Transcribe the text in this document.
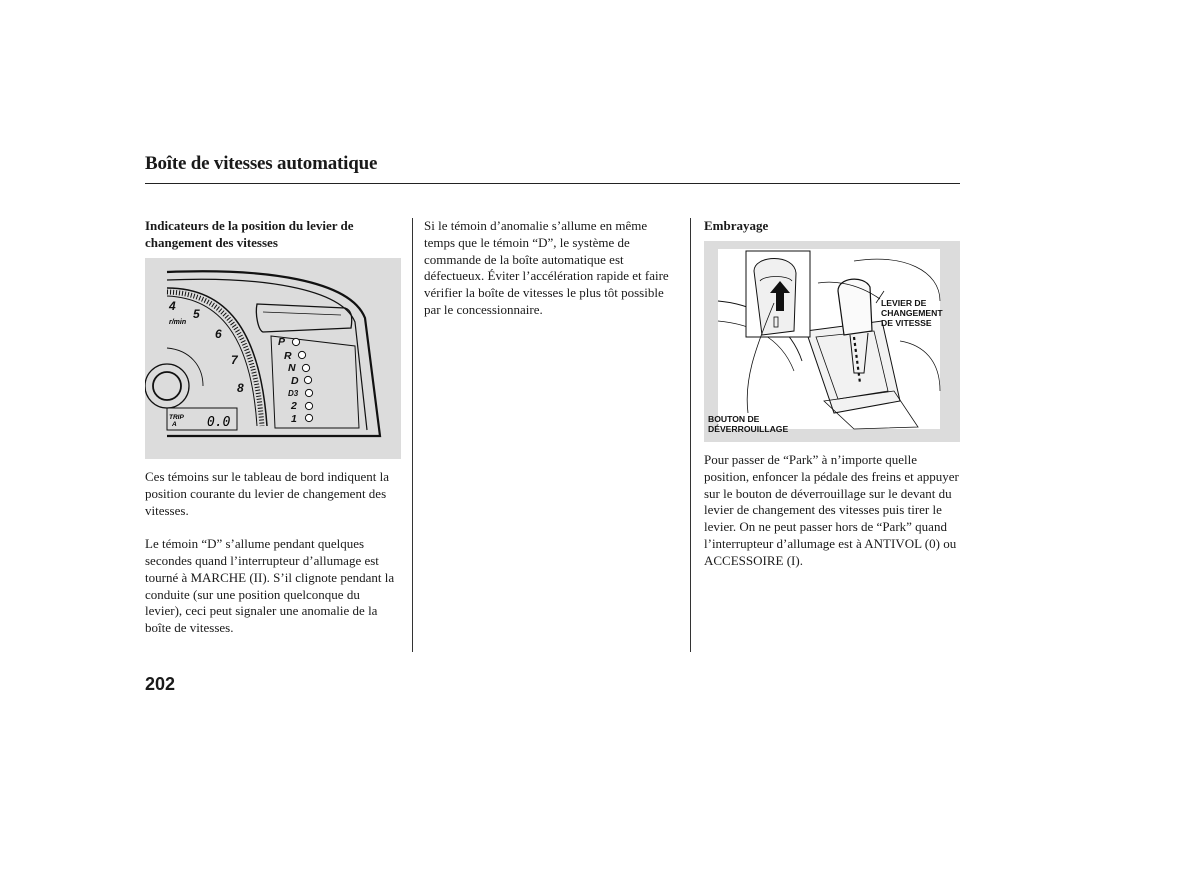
Boîte de vitesses automatique

Indicateurs de la position du levier de changement des vitesses

4
5
6
7
8
r/min
TRIP
A 0.0
P
R
N
D
D3
2
1

Ces témoins sur le tableau de bord indiquent la position courante du levier de changement des vitesses.

Le témoin “D” s’allume pendant quelques secondes quand l’interrupteur d’allumage est tourné à MARCHE (II). S’il clignote pendant la conduite (sur une position quelconque du levier), ceci peut signaler une anomalie de la boîte de vitesses.

Si le témoin d’anomalie s’allume en même temps que le témoin “D”, le système de commande de la boîte automatique est défectueux. Éviter l’accélération rapide et faire vérifier la boîte de vitesses le plus tôt possible par le concessionnaire.

Embrayage

LEVIER DE
CHANGEMENT
DE VITESSE
BOUTON DE
DÉVERROUILLAGE

Pour passer de “Park” à n’importe quelle position, enfoncer la pédale des freins et appuyer sur le bouton de déverrouillage sur le devant du levier de changement des vitesses puis tirer le levier. On ne peut passer hors de “Park” quand l’interrupteur d’allumage est à ANTIVOL (0) ou ACCESSOIRE (I).

202
